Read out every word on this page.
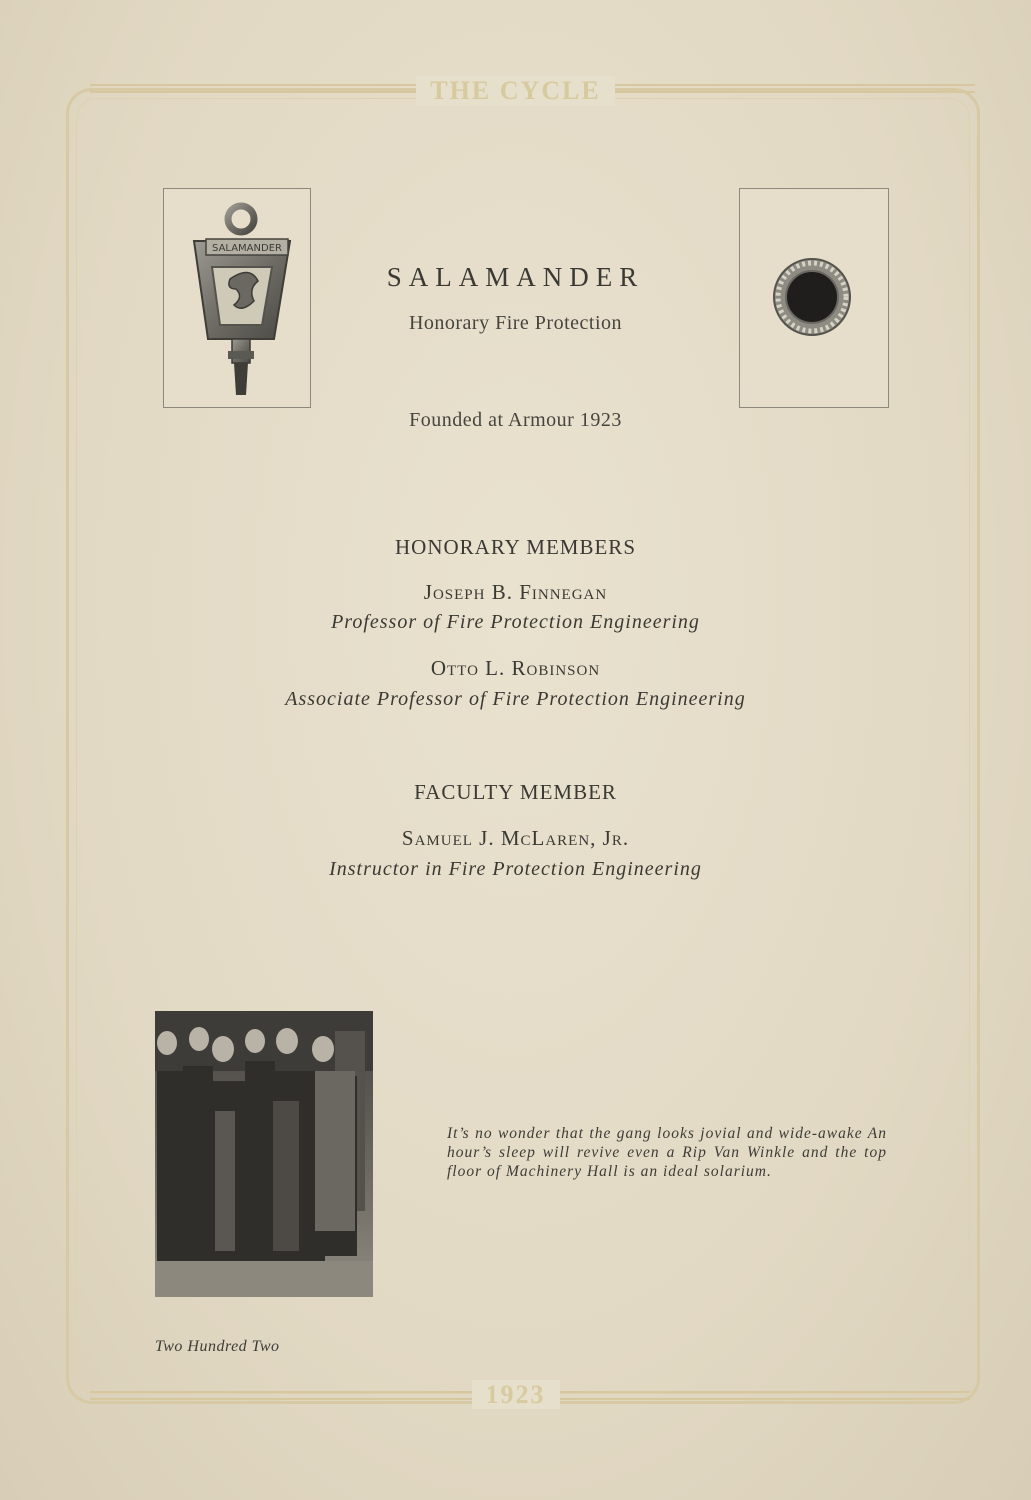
THE CYCLE
1923
SALAMANDER
SALAMANDER
Honorary Fire Protection
Founded at Armour 1923
HONORARY MEMBERS
Joseph B. Finnegan
Professor of Fire Protection Engineering
Otto L. Robinson
Associate Professor of Fire Protection Engineering
FACULTY MEMBER
Samuel J. McLaren, Jr.
Instructor in Fire Protection Engineering
It’s no wonder that the gang looks jovial and wide-awake An hour’s sleep will revive even a Rip Van Winkle and the top floor of Machinery Hall is an ideal solarium.
Two Hundred Two
